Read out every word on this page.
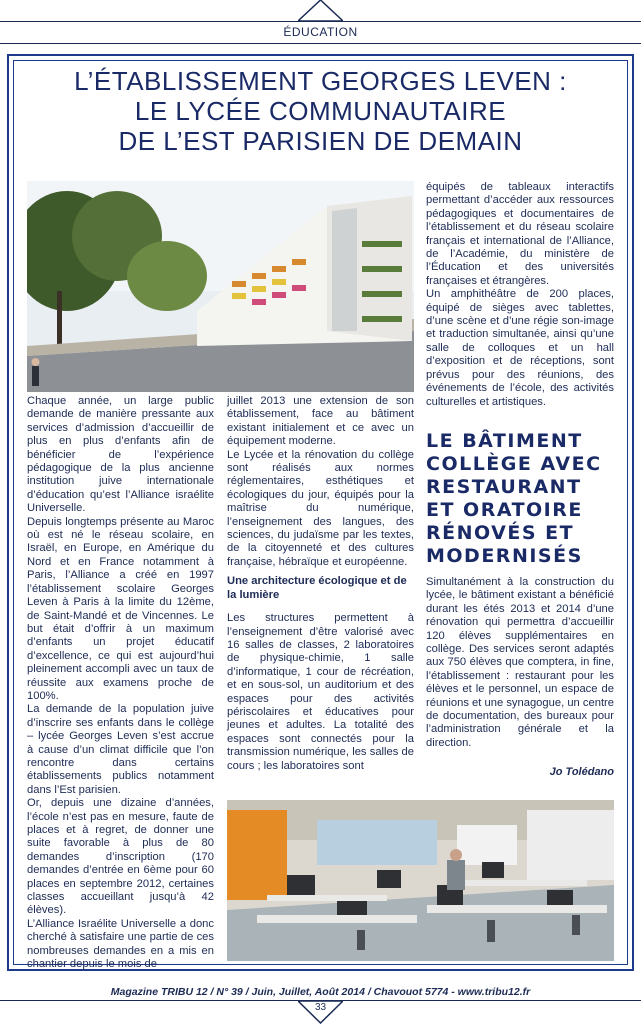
ÉDUCATION
L’ÉTABLISSEMENT GEORGES LEVEN :
LE LYCÉE COMMUNAUTAIRE
DE L’EST PARISIEN DE DEMAIN

Chaque année, un large public demande de manière pressante aux services d’admission d’accueillir de plus en plus d’enfants afin de bénéficier de l’expérience pédagogique de la plus ancienne institution juive internationale d’éducation qu’est l’Alliance israélite Universelle.

Depuis longtemps présente au Maroc où est né le réseau scolaire, en Israël, en Europe, en Amérique du Nord et en France notamment à Paris, l’Alliance a créé en 1997 l’établissement scolaire Georges Leven à Paris à la limite du 12ème, de Saint-Mandé et de Vincennes. Le but était d’offrir à un maximum d’enfants un projet éducatif d’excellence, ce qui est aujourd’hui pleinement accompli avec un taux de réussite aux examens proche de 100%.

La demande de la population juive d’inscrire ses enfants dans le collège – lycée Georges Leven s’est accrue à cause d’un climat difficile que l’on rencontre dans certains établissements publics notamment dans l’Est parisien.

Or, depuis une dizaine d’années, l’école n’est pas en mesure, faute de places et à regret, de donner une suite favorable à plus de 80 demandes d’inscription (170 demandes d’entrée en 6ème pour 60 places en septembre 2012, certaines classes accueillant jusqu’à 42 élèves).

L’Alliance Israélite Universelle a donc cherché à satisfaire une partie de ces nombreuses demandes en a mis en chantier depuis le mois de

juillet 2013 une extension de son établissement, face au bâtiment existant initialement et ce avec un équipement moderne.

Le Lycée et la rénovation du collège sont réalisés aux normes réglementaires, esthétiques et écologiques du jour, équipés pour la maîtrise du numérique, l’enseignement des langues, des sciences, du judaïsme par les textes, de la citoyenneté et des cultures française, hébraïque et européenne.

Une architecture écologique et de la lumière

Les structures permettent à l’enseignement d’être valorisé avec 16 salles de classes, 2 laboratoires de physique-chimie, 1 salle d’informatique, 1 cour de récréation, et en sous-sol, un auditorium et des espaces pour des activités périscolaires et éducatives pour jeunes et adultes. La totalité des espaces sont connectés pour la transmission numérique, les salles de cours ; les laboratoires sont

équipés de tableaux interactifs permettant d’accéder aux ressources pédagogiques et documentaires de l’établissement et du réseau scolaire français et international de l’Alliance, de l’Académie, du ministère de l’Éducation et des universités françaises et étrangères.

Un amphithéâtre de 200 places, équipé de sièges avec tablettes, d’une scène et d’une régie son-image et traduction simultanée, ainsi qu’une salle de colloques et un hall d’exposition et de réceptions, sont prévus pour des réunions, des événements de l’école, des activités culturelles et artistiques.

LE BÂTIMENT
COLLÈGE AVEC
RESTAURANT
ET ORATOIRE
RÉNOVÉS ET
MODERNISÉS

Simultanément à la construction du lycée, le bâtiment existant a bénéficié durant les étés 2013 et 2014 d’une rénovation qui permettra d’accueillir 120 élèves supplémentaires en collège. Des services seront adaptés aux 750 élèves que comptera, in fine, l’établissement : restaurant pour les élèves et le personnel, un espace de réunions et une synagogue, un centre de documentation, des bureaux pour l’administration générale et la direction.

Jo Tolédano
Magazine TRIBU 12 / N° 39 / Juin, Juillet, Août 2014 / Chavouot 5774 - www.tribu12.fr
33
